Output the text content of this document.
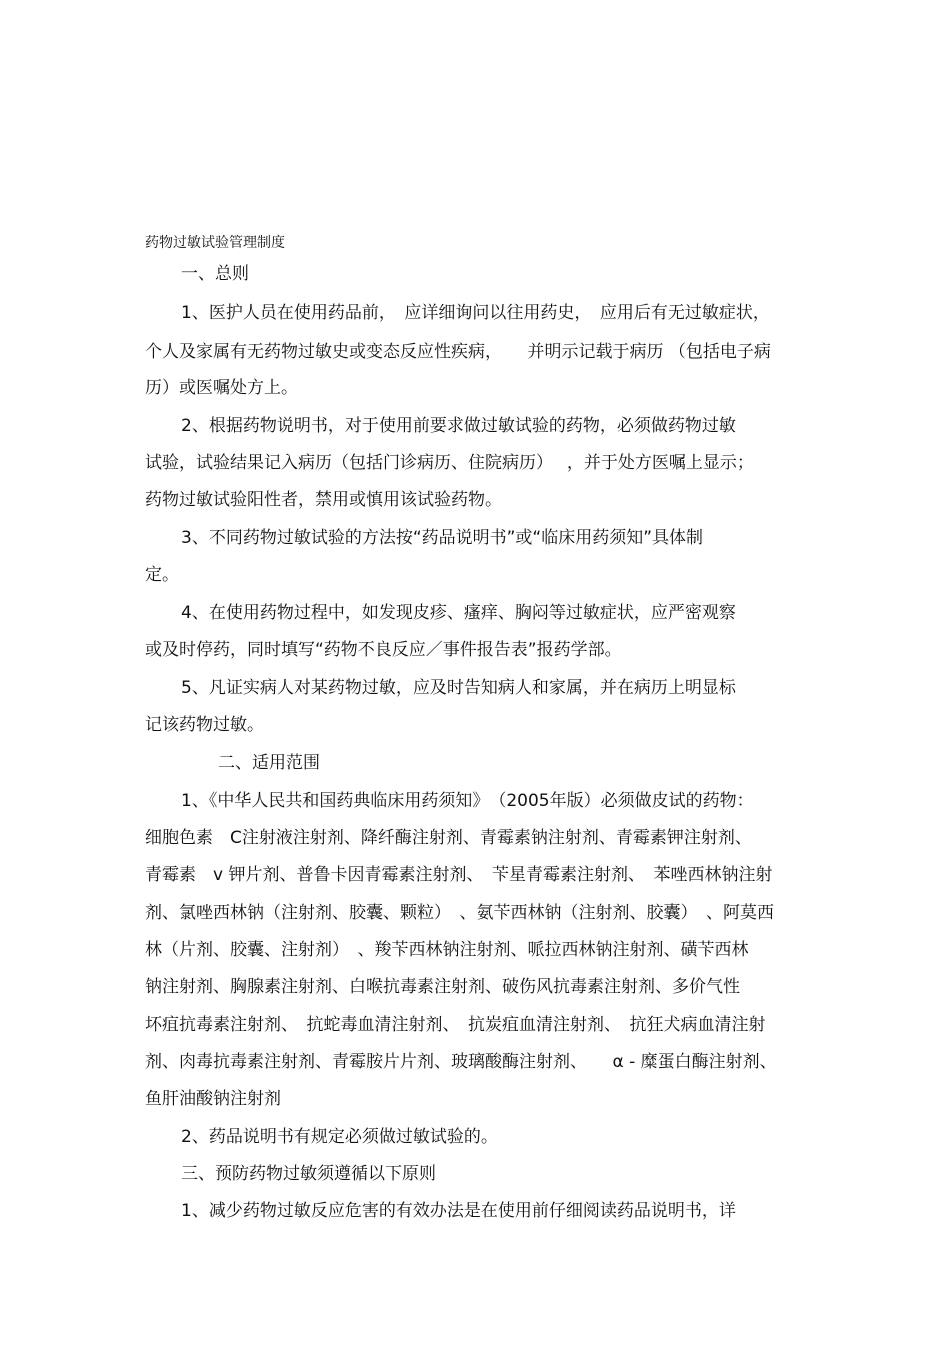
药物过敏试验管理制度
一、总则
1、医护人员在使用药品前，　应详细询问以往用药史，　应用后有无过敏症状，
个人及家属有无药物过敏史或变态反应性疾病，　　并明示记载于病历 （包括电子病
历）或医嘱处方上。
2、根据药物说明书，对于使用前要求做过敏试验的药物，必须做药物过敏
试验，试验结果记入病历（包括门诊病历、住院病历）　 ，并于处方医嘱上显示；
药物过敏试验阳性者，禁用或慎用该试验药物。
3、不同药物过敏试验的方法按“药品说明书”或“临床用药须知”具体制
定。
4、在使用药物过程中，如发现皮疹、瘙痒、胸闷等过敏症状，应严密观察
或及时停药，同时填写“药物不良反应／事件报告表”报药学部。
5、凡证实病人对某药物过敏，应及时告知病人和家属，并在病历上明显标
记该药物过敏。
二、适用范围
1、《中华人民共和国药典临床用药须知》　（2005年版）必须做皮试的药物：
细胞色素　C注射液注射剂、降纤酶注射剂、青霉素钠注射剂、青霉素钾注射剂、
青霉素　v 钾片剂、普鲁卡因青霉素注射剂、　苄星青霉素注射剂、　苯唑西林钠注射
剂、氯唑西林钠（注射剂、胶囊、颗粒）　、氨苄西林钠（注射剂、胶囊）　、阿莫西
林（片剂、胶囊、注射剂）　、羧苄西林钠注射剂、哌拉西林钠注射剂、磺苄西林
钠注射剂、胸腺素注射剂、白喉抗毒素注射剂、破伤风抗毒素注射剂、多价气性
坏疽抗毒素注射剂、　抗蛇毒血清注射剂、　抗炭疽血清注射剂、　抗狂犬病血清注射
剂、肉毒抗毒素注射剂、青霉胺片片剂、玻璃酸酶注射剂、　　α - 糜蛋白酶注射剂、
鱼肝油酸钠注射剂
2、药品说明书有规定必须做过敏试验的。
三、预防药物过敏须遵循以下原则
1、减少药物过敏反应危害的有效办法是在使用前仔细阅读药品说明书，详
